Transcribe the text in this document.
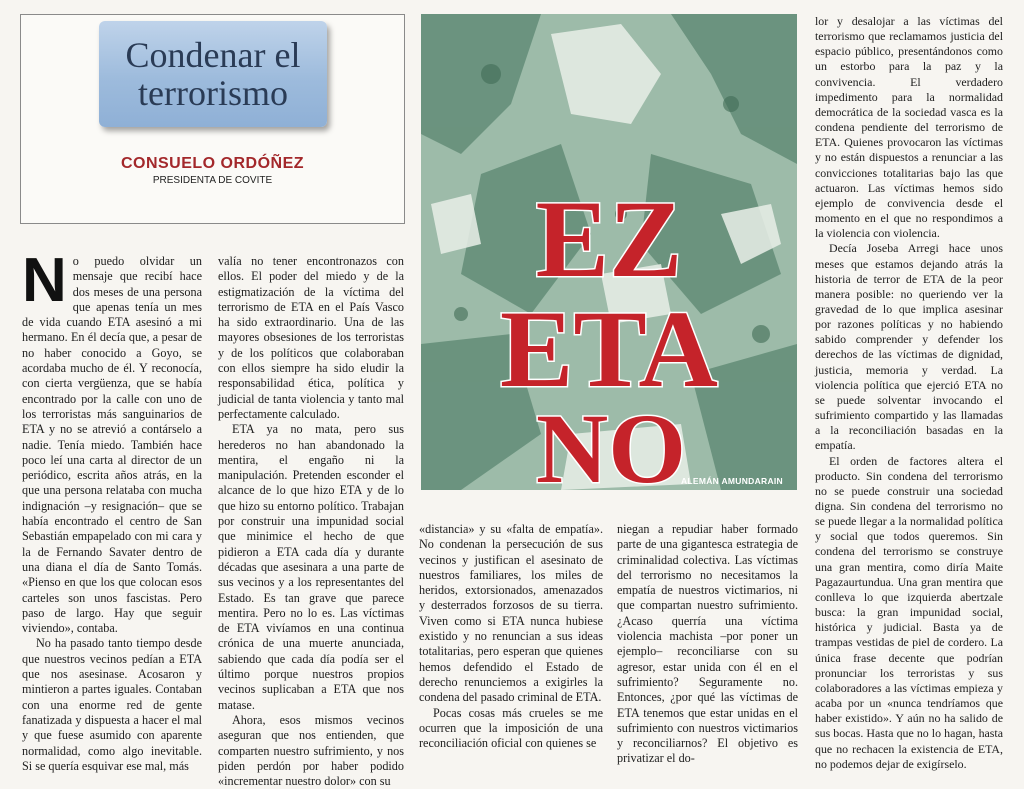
Condenar el
terrorismo
CONSUELO ORDÓÑEZ
PRESIDENTA DE COVITE	EZ
ETA
NO
ALEMÁN AMUNDARAIN

No puedo olvidar un mensaje que recibí hace dos meses de una persona que apenas tenía un mes de vida cuando ETA asesinó a mi hermano. En él decía que, a pesar de no haber conocido a Goyo, se acordaba mucho de él. Y reconocía, con cierta vergüenza, que se había encontrado por la calle con uno de los terroristas más sanguinarios de ETA y no se atrevió a contárselo a nadie. Tenía miedo. También hace poco leí una carta al director de un periódico, escrita años atrás, en la que una persona relataba con mucha indignación –y resignación– que se había encontrado el centro de San Sebastián empapelado con mi cara y la de Fernando Savater dentro de una diana el día de Santo Tomás. «Pienso en que los que colocan esos carteles son unos fascistas. Pero paso de largo. Hay que seguir viviendo», contaba.

No ha pasado tanto tiempo desde que nuestros vecinos pedían a ETA que nos asesinase. Acosaron y mintieron a partes iguales. Contaban con una enorme red de gente fanatizada y dispuesta a hacer el mal y que fuese asumido con aparente normalidad, como algo inevitable. Si se quería esquivar ese mal, más

valía no tener encontronazos con ellos. El poder del miedo y de la estigmatización de la víctima del terrorismo de ETA en el País Vasco ha sido extraordinario. Una de las mayores obsesiones de los terroristas y de los políticos que colaboraban con ellos siempre ha sido eludir la responsabilidad ética, política y judicial de tanta violencia y tanto mal perfectamente calculado.

ETA ya no mata, pero sus herederos no han abandonado la mentira, el engaño ni la manipulación. Pretenden esconder el alcance de lo que hizo ETA y de lo que hizo su entorno político. Trabajan por construir una impunidad social que minimice el hecho de que pidieron a ETA cada día y durante décadas que asesinara a una parte de sus vecinos y a los representantes del Estado. Es tan grave que parece mentira. Pero no lo es. Las víctimas de ETA vivíamos en una continua crónica de una muerte anunciada, sabiendo que cada día podía ser el último porque nuestros propios vecinos suplicaban a ETA que nos matase.

Ahora, esos mismos vecinos aseguran que nos entienden, que comparten nuestro sufrimiento, y nos piden perdón por haber podido «incrementar nuestro dolor» con su

«distancia» y su «falta de empatía». No condenan la persecución de sus vecinos y justifican el asesinato de nuestros familiares, los miles de heridos, extorsionados, amenazados y desterrados forzosos de su tierra. Viven como si ETA nunca hubiese existido y no renuncian a sus ideas totalitarias, pero esperan que quienes hemos defendido el Estado de derecho renunciemos a exigirles la condena del pasado criminal de ETA.

Pocas cosas más crueles se me ocurren que la imposición de una reconciliación oficial con quienes se

niegan a repudiar haber formado parte de una gigantesca estrategia de criminalidad colectiva. Las víctimas del terrorismo no necesitamos la empatía de nuestros victimarios, ni que compartan nuestro sufrimiento. ¿Acaso querría una víctima violencia machista –por poner un ejemplo– reconciliarse con su agresor, estar unida con él en el sufrimiento? Seguramente no. Entonces, ¿por qué las víctimas de ETA tenemos que estar unidas en el sufrimiento con nuestros victimarios y reconciliarnos? El objetivo es privatizar el do-

lor y desalojar a las víctimas del terrorismo que reclamamos justicia del espacio público, presentándonos como un estorbo para la paz y la convivencia. El verdadero impedimento para la normalidad democrática de la sociedad vasca es la condena pendiente del terrorismo de ETA. Quienes provocaron las víctimas y no están dispuestos a renunciar a las convicciones totalitarias bajo las que actuaron. Las víctimas hemos sido ejemplo de convivencia desde el momento en el que no respondimos a la violencia con violencia.

Decía Joseba Arregi hace unos meses que estamos dejando atrás la historia de terror de ETA de la peor manera posible: no queriendo ver la gravedad de lo que implica asesinar por razones políticas y no habiendo sabido comprender y defender los derechos de las víctimas de dignidad, justicia, memoria y verdad. La violencia política que ejerció ETA no se puede solventar invocando el sufrimiento compartido y las llamadas a la reconciliación basadas en la empatía.

El orden de factores altera el producto. Sin condena del terrorismo no se puede construir una sociedad digna. Sin condena del terrorismo no se puede llegar a la normalidad política y social que todos queremos. Sin condena del terrorismo se construye una gran mentira, como diría Maite Pagazaurtundua. Una gran mentira que conlleva lo que izquierda abertzale busca: la gran impunidad social, histórica y judicial. Basta ya de trampas vestidas de piel de cordero. La única frase decente que podrían pronunciar los terroristas y sus colaboradores a las víctimas empieza y acaba por un «nunca tendríamos que haber existido». Y aún no ha salido de sus bocas. Hasta que no lo hagan, hasta que no rechacen la existencia de ETA, no podemos dejar de exigírselo.
